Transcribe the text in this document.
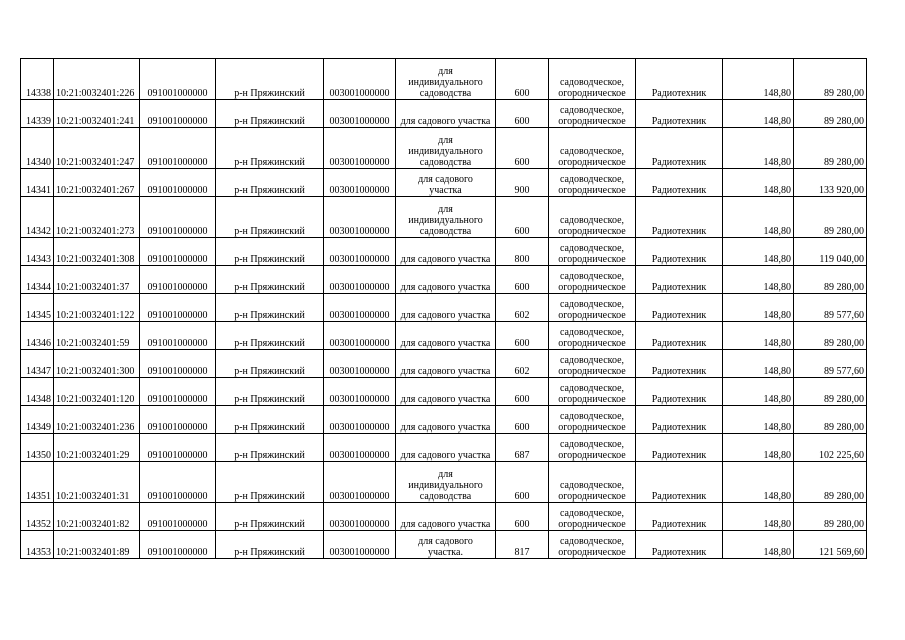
14338	10:21:0032401:226	091001000000	р-н Пряжинский	003001000000	для
индивидуального
садоводства	600	садоводческое,
огородническое	Радиотехник	148,80	89 280,00
14339	10:21:0032401:241	091001000000	р-н Пряжинский	003001000000	для садового участка	600	садоводческое,
огородническое	Радиотехник	148,80	89 280,00
14340	10:21:0032401:247	091001000000	р-н Пряжинский	003001000000	для
индивидуального
садоводства	600	садоводческое,
огородническое	Радиотехник	148,80	89 280,00
14341	10:21:0032401:267	091001000000	р-н Пряжинский	003001000000	для садового
участка	900	садоводческое,
огородническое	Радиотехник	148,80	133 920,00
14342	10:21:0032401:273	091001000000	р-н Пряжинский	003001000000	для
индивидуального
садоводства	600	садоводческое,
огородническое	Радиотехник	148,80	89 280,00
14343	10:21:0032401:308	091001000000	р-н Пряжинский	003001000000	для садового участка	800	садоводческое,
огородническое	Радиотехник	148,80	119 040,00
14344	10:21:0032401:37	091001000000	р-н Пряжинский	003001000000	для садового участка	600	садоводческое,
огородническое	Радиотехник	148,80	89 280,00
14345	10:21:0032401:122	091001000000	р-н Пряжинский	003001000000	для садового участка	602	садоводческое,
огородническое	Радиотехник	148,80	89 577,60
14346	10:21:0032401:59	091001000000	р-н Пряжинский	003001000000	для садового участка	600	садоводческое,
огородническое	Радиотехник	148,80	89 280,00
14347	10:21:0032401:300	091001000000	р-н Пряжинский	003001000000	для садового участка	602	садоводческое,
огородническое	Радиотехник	148,80	89 577,60
14348	10:21:0032401:120	091001000000	р-н Пряжинский	003001000000	для садового участка	600	садоводческое,
огородническое	Радиотехник	148,80	89 280,00
14349	10:21:0032401:236	091001000000	р-н Пряжинский	003001000000	для садового участка	600	садоводческое,
огородническое	Радиотехник	148,80	89 280,00
14350	10:21:0032401:29	091001000000	р-н Пряжинский	003001000000	для садового участка	687	садоводческое,
огородническое	Радиотехник	148,80	102 225,60
14351	10:21:0032401:31	091001000000	р-н Пряжинский	003001000000	для
индивидуального
садоводства	600	садоводческое,
огородническое	Радиотехник	148,80	89 280,00
14352	10:21:0032401:82	091001000000	р-н Пряжинский	003001000000	для садового участка	600	садоводческое,
огородническое	Радиотехник	148,80	89 280,00
14353	10:21:0032401:89	091001000000	р-н Пряжинский	003001000000	для садового
участка.	817	садоводческое,
огородническое	Радиотехник	148,80	121 569,60
